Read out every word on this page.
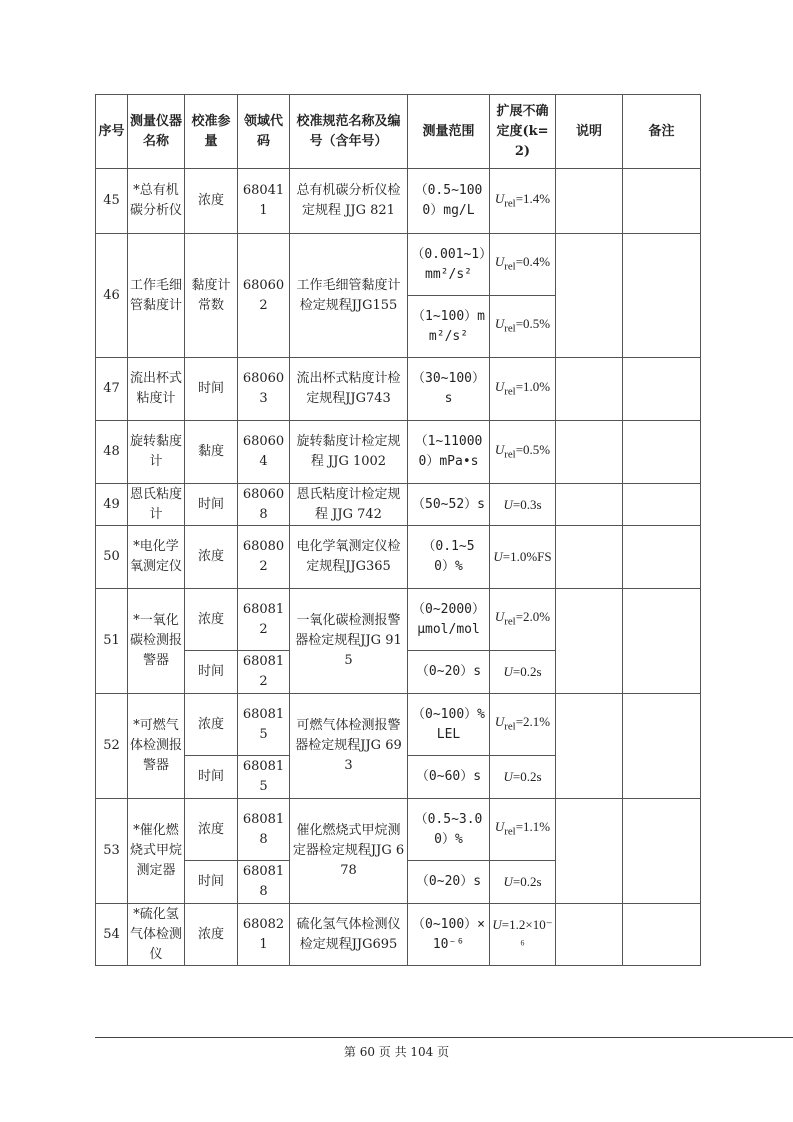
序号	测量仪器名称	校准参量	领域代码	校准规范名称及编号（含年号）	测量范围	扩展不确定度(k=2)	说明	备注
45	*总有机碳分析仪	浓度	680411	总有机碳分析仪检定规程 JJG 821	（0.5~1000）mg/L	$U_{rel}=1.4\%$		
46	工作毛细管黏度计	黏度计常数	680602	工作毛细管黏度计检定规程JJG155	（0.001~1）mm²/s²	$U_{rel}=0.4\%$		
					（1~100）mm²/s²	$U_{rel}=0.5\%$		
47	流出杯式粘度计	时间	680603	流出杯式粘度计检定规程JJG743	（30~100）s	$U_{rel}=1.0\%$		
48	旋转黏度计	黏度	680604	旋转黏度计检定规程 JJG 1002	（1~110000）mPa•s	$U_{rel}=0.5\%$		
49	恩氏粘度计	时间	680608	恩氏粘度计检定规程 JJG 742	（50~52）s	U=0.3s		
50	*电化学氧测定仪	浓度	680802	电化学氧测定仪检定规程JJG365	（0.1~50）%	U=1.0%FS		
51	*一氧化碳检测报警器	浓度	680812	一氧化碳检测报警器检定规程JJG 915	（0~2000）μmol/mol	$U_{rel}=2.0\%$		
		时间	680812		（0~20）s	U=0.2s		
52	*可燃气体检测报警器	浓度	680815	可燃气体检测报警器检定规程JJG 693	（0~100）%LEL	$U_{rel}=2.1\%$		
		时间	680815		（0~60）s	U=0.2s		
53	*催化燃烧式甲烷测定器	浓度	680818	催化燃烧式甲烷测定器检定规程JJG 678	（0.5~3.00）%	$U_{rel}=1.1\%$		
		时间	680818		（0~20）s	U=0.2s		
54	*硫化氢气体检测仪	浓度	680821	硫化氢气体检测仪检定规程JJG695	（0~100）×10⁻⁶	U=1.2×10⁻⁶		
第 60 页 共 104 页
